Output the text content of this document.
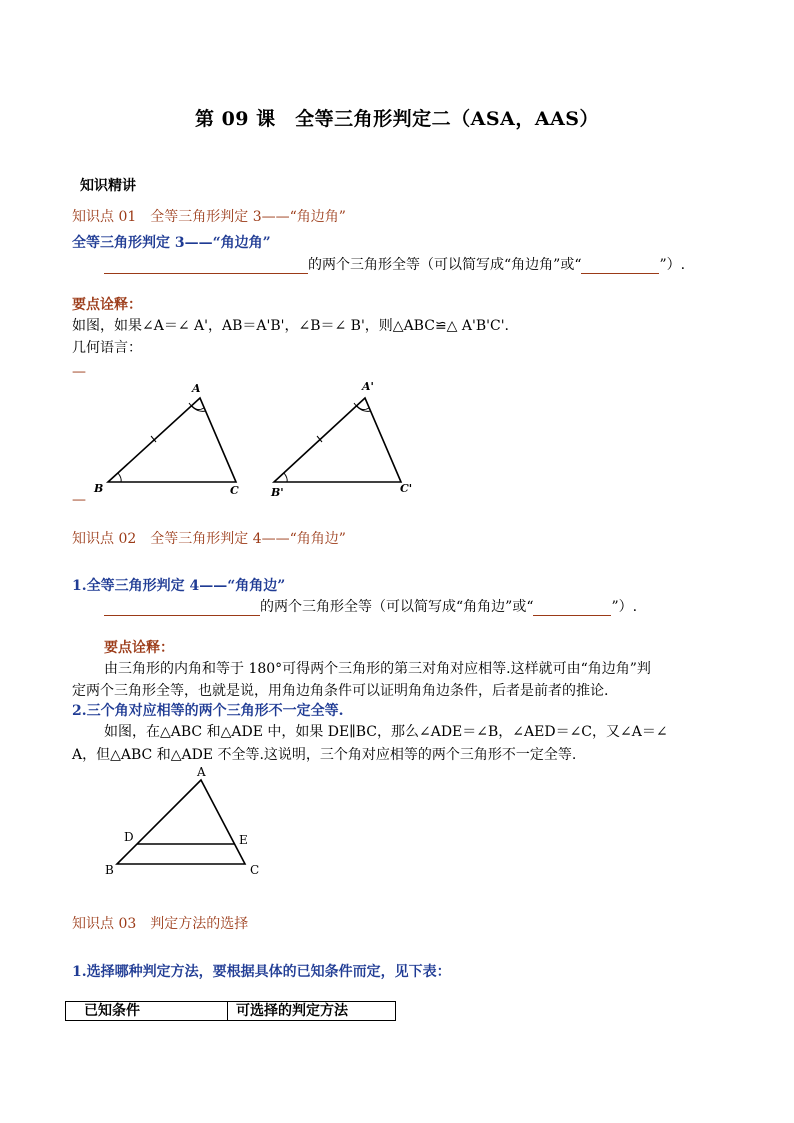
第 09 课　全等三角形判定二（ASA，AAS）
知识精讲
知识点 01　全等三角形判定 3——“角边角”
全等三角形判定 3——“角边角”
的两个三角形全等（可以简写成“角边角”或“	”）.
要点诠释：
如图，如果∠A＝∠ A'，AB＝A'B'，∠B＝∠ B'，则△ABC≌△ A'B'C'.
几何语言：
—
—
A
B	C
A'
B'	C'
知识点 02　全等三角形判定 4——“角角边”
1.全等三角形判定 4——“角角边”
的两个三角形全等（可以简写成“角角边”或“	”）.
要点诠释：
由三角形的内角和等于 180°可得两个三角形的第三对角对应相等.这样就可由“角边角”判
定两个三角形全等，也就是说，用角边角条件可以证明角角边条件，后者是前者的推论.
2.三个角对应相等的两个三角形不一定全等.
如图，在△ABC 和△ADE 中，如果 DE∥BC，那么∠ADE＝∠B，∠AED＝∠C，又∠A＝∠
A，但△ABC 和△ADE 不全等.这说明，三个角对应相等的两个三角形不一定全等.
A
D	E
B	C
知识点 03　判定方法的选择
1.选择哪种判定方法，要根据具体的已知条件而定，见下表：
已知条件	可选择的判定方法
